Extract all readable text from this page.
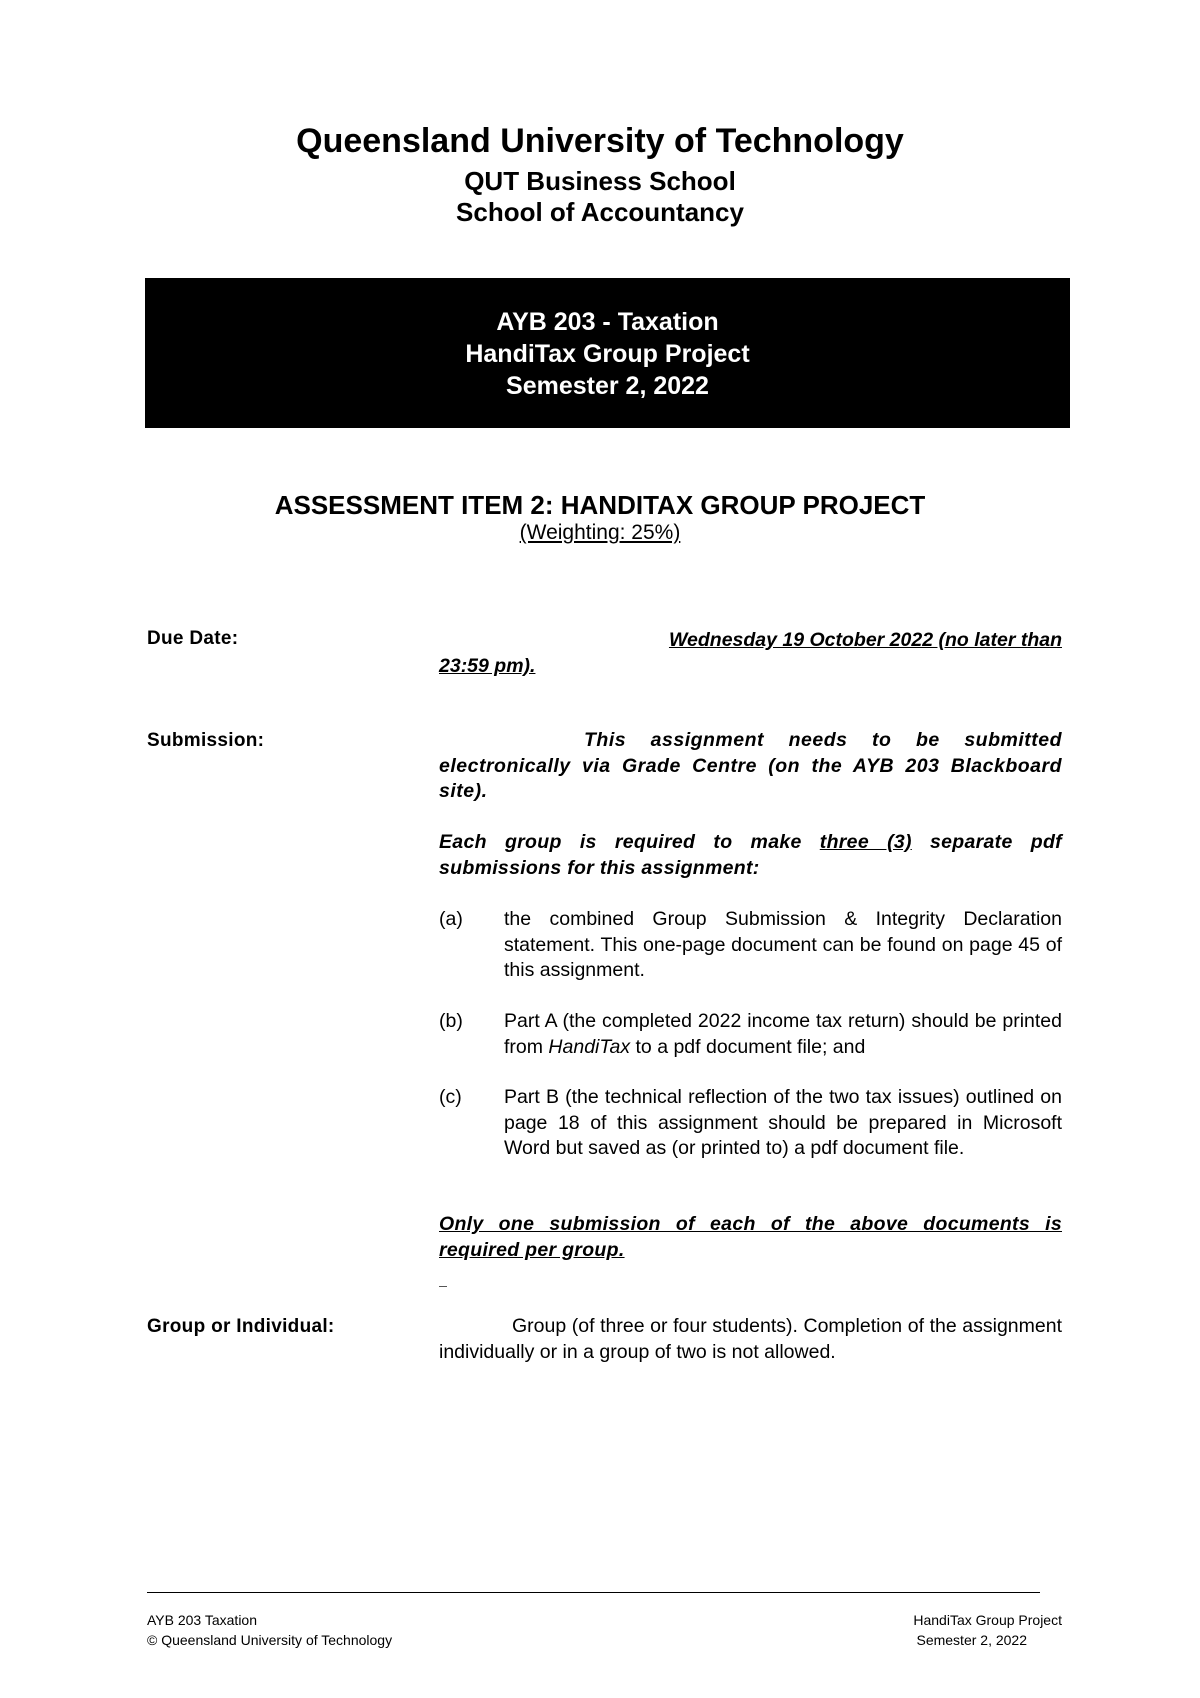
Queensland University of Technology
QUT Business School
School of Accountancy
AYB 203 - Taxation
HandiTax Group Project
Semester 2, 2022
ASSESSMENT ITEM 2: HANDITAX GROUP PROJECT
(Weighting: 25%)
Due Date:	Wednesday 19 October 2022 (no later than
23:59 pm).
Submission:	This assignment needs to be submitted electronically via Grade Centre (on the AYB 203 Blackboard site).
Each group is required to make three (3) separate pdf submissions for this assignment:
(a) the combined Group Submission & Integrity Declaration statement. This one-page document can be found on page 45 of this assignment.
(b) Part A (the completed 2022 income tax return) should be printed from HandiTax to a pdf document file; and
(c) Part B (the technical reflection of the two tax issues) outlined on page 18 of this assignment should be prepared in Microsoft Word but saved as (or printed to) a pdf document file.
Only one submission of each of the above documents is required per group.
Group or Individual:	Group (of three or four students). Completion of the assignment individually or in a group of two is not allowed.
AYB 203 Taxation
© Queensland University of Technology
HandiTax Group Project
Semester 2, 2022
